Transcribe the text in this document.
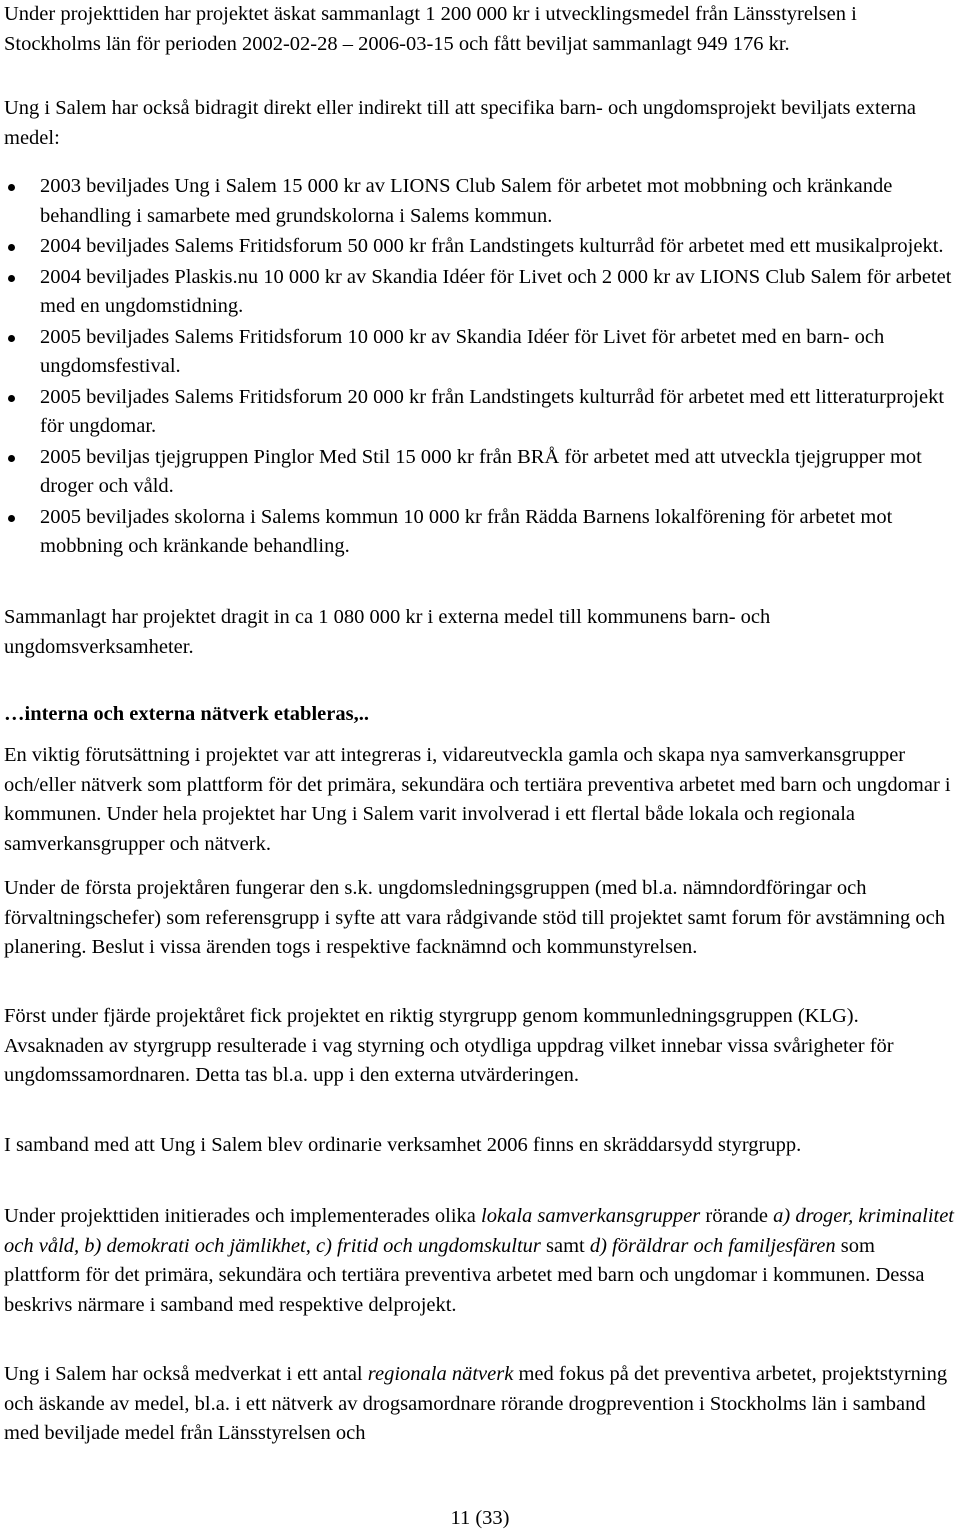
Under projekttiden har projektet äskat sammanlagt 1 200 000 kr i utvecklingsmedel från Länsstyrelsen i Stockholms län för perioden 2002-02-28 – 2006-03-15 och fått beviljat sammanlagt 949 176 kr.

Ung i Salem har också bidragit direkt eller indirekt till att specifika barn- och ungdomsprojekt beviljats externa medel:

2003 beviljades Ung i Salem 15 000 kr av LIONS Club Salem för arbetet mot mobbning och kränkande behandling i samarbete med grundskolorna i Salems kommun.
2004 beviljades Salems Fritidsforum 50 000 kr från Landstingets kulturråd för arbetet med ett musikalprojekt.
2004 beviljades Plaskis.nu 10 000 kr av Skandia Idéer för Livet och 2 000 kr av LIONS Club Salem för arbetet med en ungdomstidning.
2005 beviljades Salems Fritidsforum 10 000 kr av Skandia Idéer för Livet för arbetet med en barn- och ungdomsfestival.
2005 beviljades Salems Fritidsforum 20 000 kr från Landstingets kulturråd för arbetet med ett litteraturprojekt för ungdomar.
2005 beviljas tjejgruppen Pinglor Med Stil 15 000 kr från BRÅ för arbetet med att utveckla tjejgrupper mot droger och våld.
2005 beviljades skolorna i Salems kommun 10 000 kr från Rädda Barnens lokalförening för arbetet mot mobbning och kränkande behandling.

Sammanlagt har projektet dragit in ca 1 080 000 kr i externa medel till kommunens barn- och ungdomsverksamheter.

…interna och externa nätverk etableras,..

En viktig förutsättning i projektet var att integreras i, vidareutveckla gamla och skapa nya samverkansgrupper och/eller nätverk som plattform för det primära, sekundära och tertiära preventiva arbetet med barn och ungdomar i kommunen. Under hela projektet har Ung i Salem varit involverad i ett flertal både lokala och regionala samverkansgrupper och nätverk.

Under de första projektåren fungerar den s.k. ungdomsledningsgruppen (med bl.a. nämndordföringar och förvaltningschefer) som referensgrupp i syfte att vara rådgivande stöd till projektet samt forum för avstämning och planering. Beslut i vissa ärenden togs i respektive facknämnd och kommunstyrelsen.

Först under fjärde projektåret fick projektet en riktig styrgrupp genom kommunledningsgruppen (KLG). Avsaknaden av styrgrupp resulterade i vag styrning och otydliga uppdrag vilket innebar vissa svårigheter för ungdomssamordnaren. Detta tas bl.a. upp i den externa utvärderingen.

I samband med att Ung i Salem blev ordinarie verksamhet 2006 finns en skräddarsydd styrgrupp.

Under projekttiden initierades och implementerades olika lokala samverkansgrupper rörande a) droger, kriminalitet och våld, b) demokrati och jämlikhet, c) fritid och ungdomskultur samt d) föräldrar och familjesfären som plattform för det primära, sekundära och tertiära preventiva arbetet med barn och ungdomar i kommunen. Dessa beskrivs närmare i samband med respektive delprojekt.

Ung i Salem har också medverkat i ett antal regionala nätverk med fokus på det preventiva arbetet, projektstyrning och äskande av medel, bl.a. i ett nätverk av drogsamordnare rörande drogprevention i Stockholms län i samband med beviljade medel från Länsstyrelsen och

11 (33)
